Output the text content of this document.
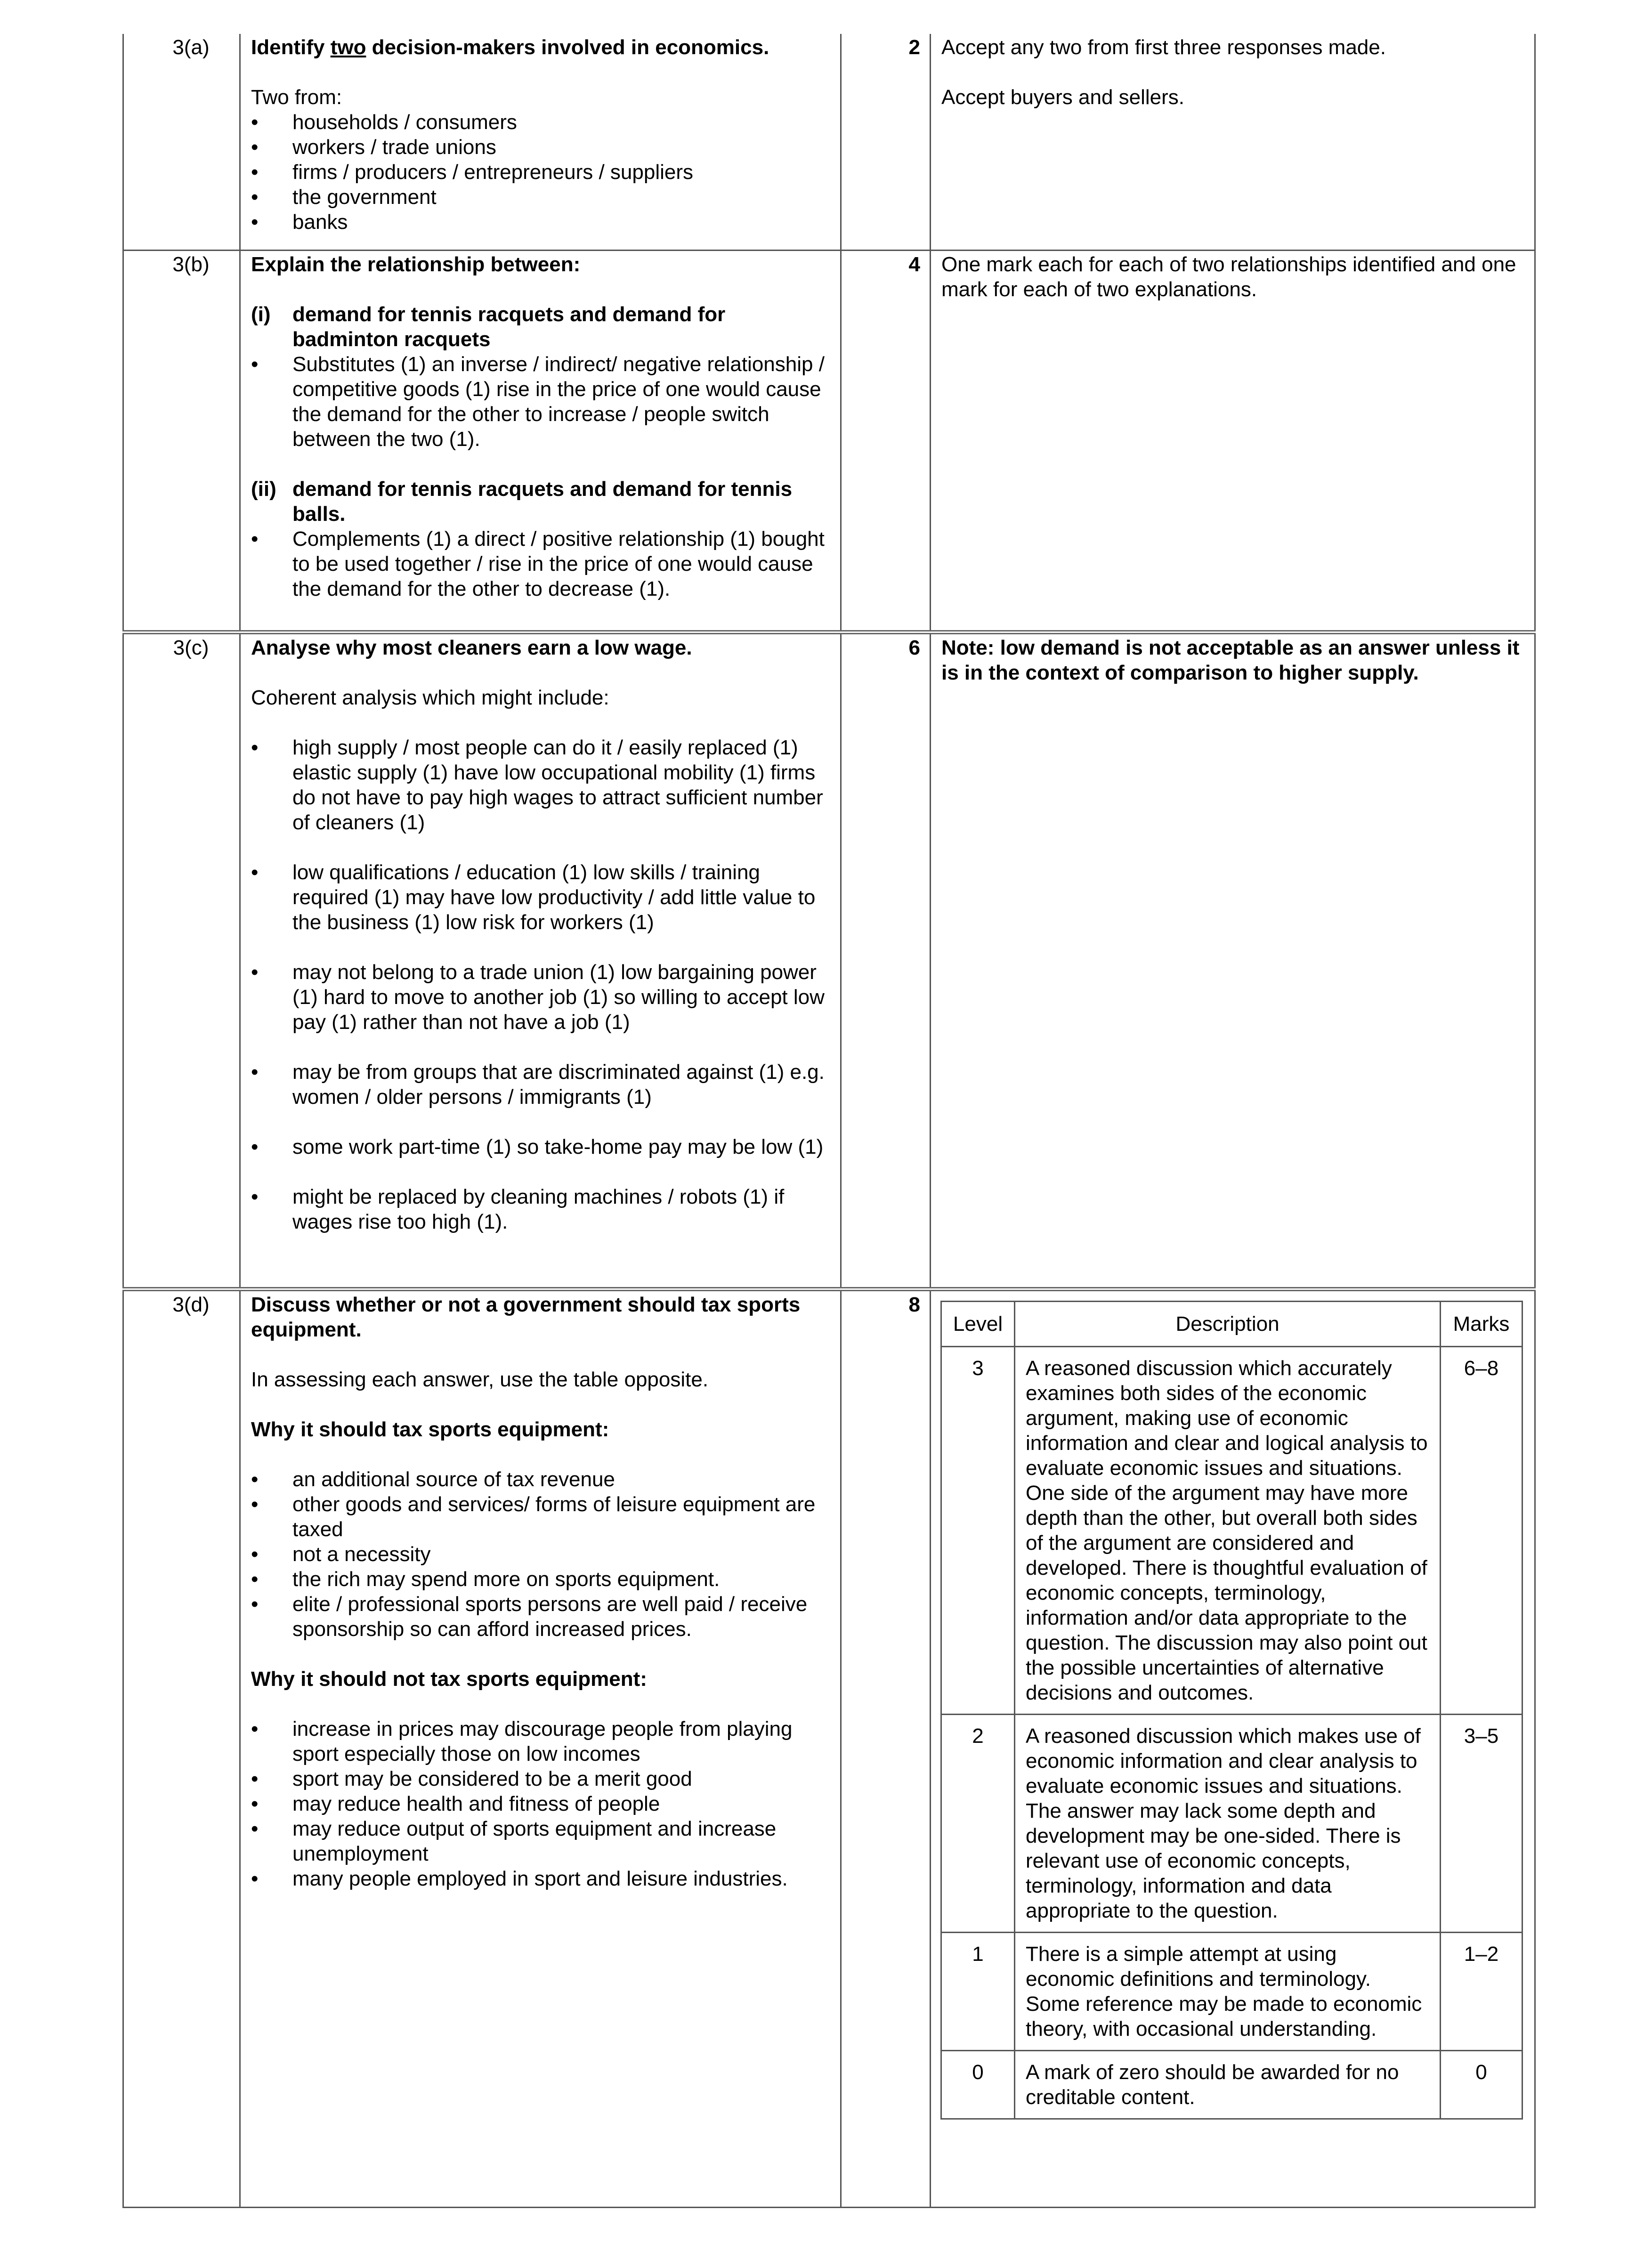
3(a)	Identify two decision-makers involved in economics.

Two from:

• households / consumers
• workers / trade unions
• firms / producers / entrepreneurs / suppliers
• the government
• banks
	2	Accept any two from first three responses made.

Accept buyers and sellers.

3(b)	Explain the relationship between:

(i) demand for tennis racquets and demand for badminton racquets
• Substitutes (1) an inverse / indirect/ negative relationship / competitive goods (1) rise in the price of one would cause the demand for the other to increase / people switch between the two (1).
(ii) demand for tennis racquets and demand for tennis balls.
• Complements (1) a direct / positive relationship (1) bought to be used together / rise in the price of one would cause the demand for the other to decrease (1).
	4	One mark each for each of two relationships identified and one mark for each of two explanations.

3(c)	Analyse why most cleaners earn a low wage.

Coherent analysis which might include:

• high supply / most people can do it / easily replaced (1) elastic supply (1) have low occupational mobility (1) firms do not have to pay high wages to attract sufficient number of cleaners (1)
• low qualifications / education (1) low skills / training required (1) may have low productivity / add little value to the business (1) low risk for workers (1)
• may not belong to a trade union (1) low bargaining power (1) hard to move to another job (1) so willing to accept low pay (1) rather than not have a job (1)
• may be from groups that are discriminated against (1) e.g. women / older persons / immigrants (1)
• some work part-time (1) so take-home pay may be low (1)
• might be replaced by cleaning machines / robots (1) if wages rise too high (1).
	6	Note: low demand is not acceptable as an answer unless it is in the context of comparison to higher supply.

3(d)	Discuss whether or not a government should tax sports equipment.

In assessing each answer, use the table opposite.

Why it should tax sports equipment:

• an additional source of tax revenue
• other goods and services/ forms of leisure equipment are taxed
• not a necessity
• the rich may spend more on sports equipment.
• elite / professional sports persons are well paid / receive sponsorship so can afford increased prices.

Why it should not tax sports equipment:

• increase in prices may discourage people from playing sport especially those on low incomes
• sport may be considered to be a merit good
• may reduce health and fitness of people
• may reduce output of sports equipment and increase unemployment
• many people employed in sport and leisure industries.
	8	
Level	Description	Marks
3	A reasoned discussion which accurately examines both sides of the economic argument, making use of economic information and clear and logical analysis to evaluate economic issues and situations. One side of the argument may have more depth than the other, but overall both sides of the argument are considered and developed. There is thoughtful evaluation of economic concepts, terminology, information and/or data appropriate to the question. The discussion may also point out the possible uncertainties of alternative decisions and outcomes.	6–8
2	A reasoned discussion which makes use of economic information and clear analysis to evaluate economic issues and situations. The answer may lack some depth and development may be one-sided. There is relevant use of economic concepts, terminology, information and data appropriate to the question.	3–5
1	There is a simple attempt at using economic definitions and terminology. Some reference may be made to economic theory, with occasional understanding.	1–2
0	A mark of zero should be awarded for no creditable content.	0
